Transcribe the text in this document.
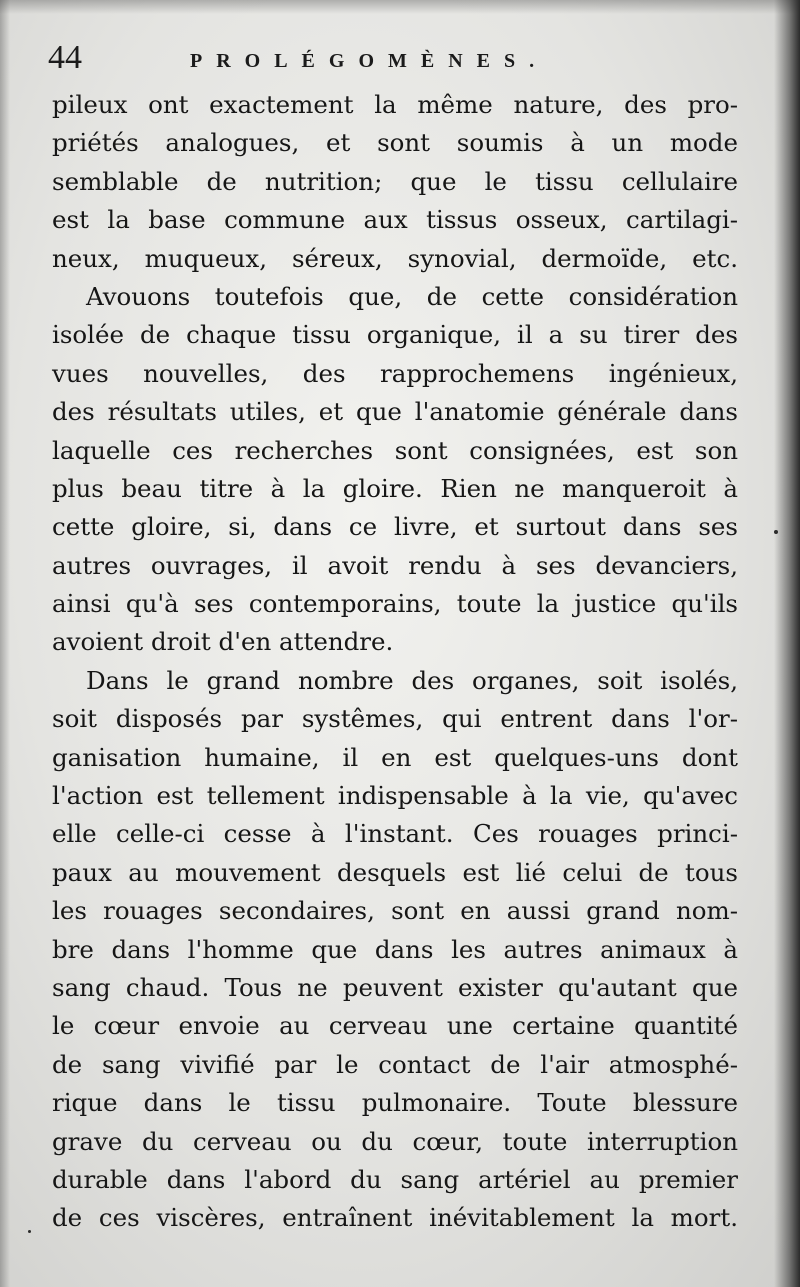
44	PROLÉGOMÈNES.
pileux ont exactement la même nature, des pro-
priétés analogues, et sont soumis à un mode
semblable de nutrition; que le tissu cellulaire
est la base commune aux tissus osseux, cartilagi-
neux, muqueux, séreux, synovial, dermoïde, etc.
Avouons toutefois que, de cette considération
isolée de chaque tissu organique, il a su tirer des
vues nouvelles, des rapprochemens ingénieux,
des résultats utiles, et que l'anatomie générale dans
laquelle ces recherches sont consignées, est son
plus beau titre à la gloire. Rien ne manqueroit à
cette gloire, si, dans ce livre, et surtout dans ses
autres ouvrages, il avoit rendu à ses devanciers,
ainsi qu'à ses contemporains, toute la justice qu'ils
avoient droit d'en attendre.
Dans le grand nombre des organes, soit isolés,
soit disposés par systêmes, qui entrent dans l'or-
ganisation humaine, il en est quelques-uns dont
l'action est tellement indispensable à la vie, qu'avec
elle celle-ci cesse à l'instant. Ces rouages princi-
paux au mouvement desquels est lié celui de tous
les rouages secondaires, sont en aussi grand nom-
bre dans l'homme que dans les autres animaux à
sang chaud. Tous ne peuvent exister qu'autant que
le cœur envoie au cerveau une certaine quantité
de sang vivifié par le contact de l'air atmosphé-
rique dans le tissu pulmonaire. Toute blessure
grave du cerveau ou du cœur, toute interruption
durable dans l'abord du sang artériel au premier
de ces viscères, entraînent inévitablement la mort.
